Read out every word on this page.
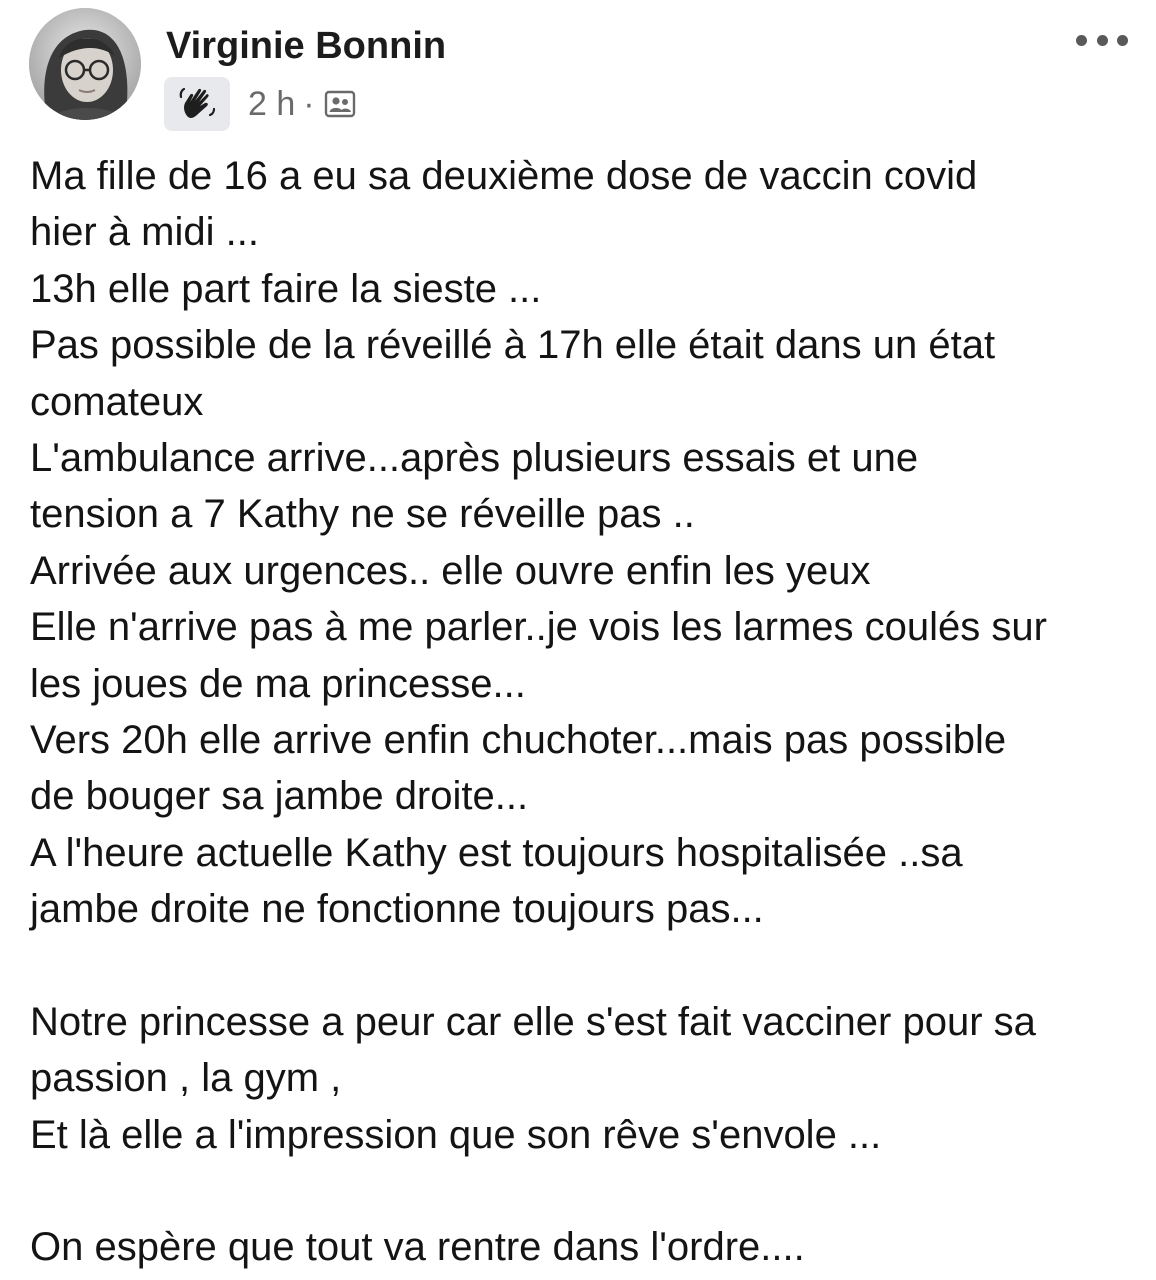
Virginie Bonnin
2 h ·
Ma fille de 16 a eu sa deuxième dose de vaccin covid
hier à midi ...
13h elle part faire la sieste ...
Pas possible de la réveillé à 17h elle était dans un état
comateux
L'ambulance arrive...après plusieurs essais et une
tension a 7 Kathy ne se réveille pas ..
Arrivée aux urgences.. elle ouvre enfin les yeux
Elle n'arrive pas à me parler..je vois les larmes coulés sur
les joues de ma princesse...
Vers 20h elle arrive enfin chuchoter...mais pas possible
de bouger sa jambe droite...
A l'heure actuelle Kathy est toujours hospitalisée ..sa
jambe droite ne fonctionne toujours pas...
Notre princesse a peur car elle s'est fait vacciner pour sa
passion , la gym ,
Et là elle a l'impression que son rêve s'envole ...
On espère que tout va rentre dans l'ordre....
